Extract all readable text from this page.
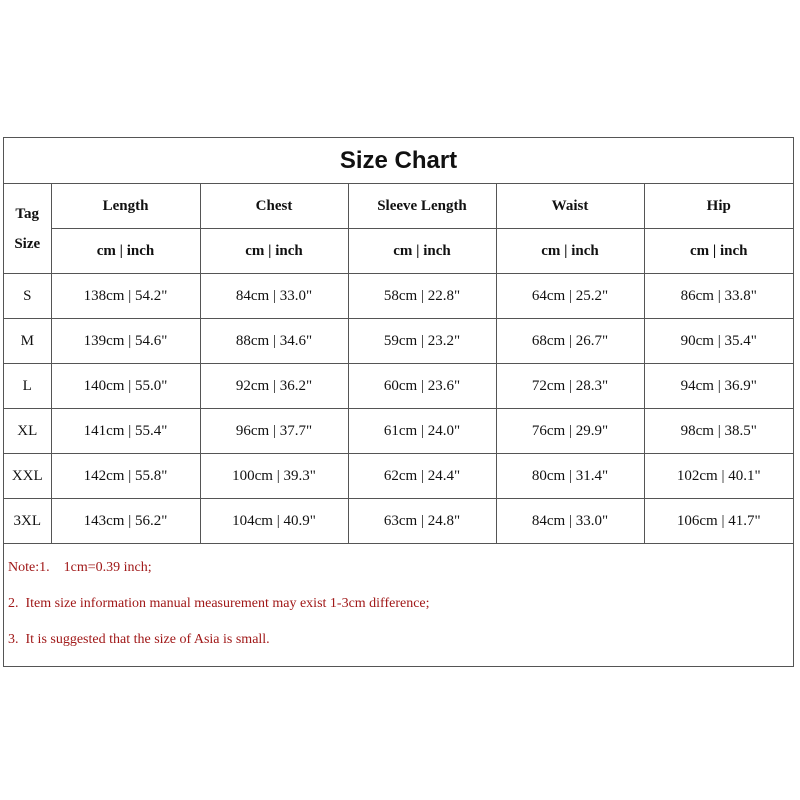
Size Chart
Tag
Size	Length	Chest	Sleeve Length	Waist	Hip
	cm | inch	cm | inch	cm | inch	cm | inch	cm | inch
S	138cm | 54.2"	84cm | 33.0"	58cm | 22.8"	64cm | 25.2"	86cm | 33.8"
M	139cm | 54.6"	88cm | 34.6"	59cm | 23.2"	68cm | 26.7"	90cm | 35.4"
L	140cm | 55.0"	92cm | 36.2"	60cm | 23.6"	72cm | 28.3"	94cm | 36.9"
XL	141cm | 55.4"	96cm | 37.7"	61cm | 24.0"	76cm | 29.9"	98cm | 38.5"
XXL	142cm | 55.8"	100cm | 39.3"	62cm | 24.4"	80cm | 31.4"	102cm | 40.1"
3XL	143cm | 56.2"	104cm | 40.9"	63cm | 24.8"	84cm | 33.0"	106cm | 41.7"
Note:1.    1cm=0.39 inch;
2.  Item size information manual measurement may exist 1-3cm difference;
3.  It is suggested that the size of Asia is small.
